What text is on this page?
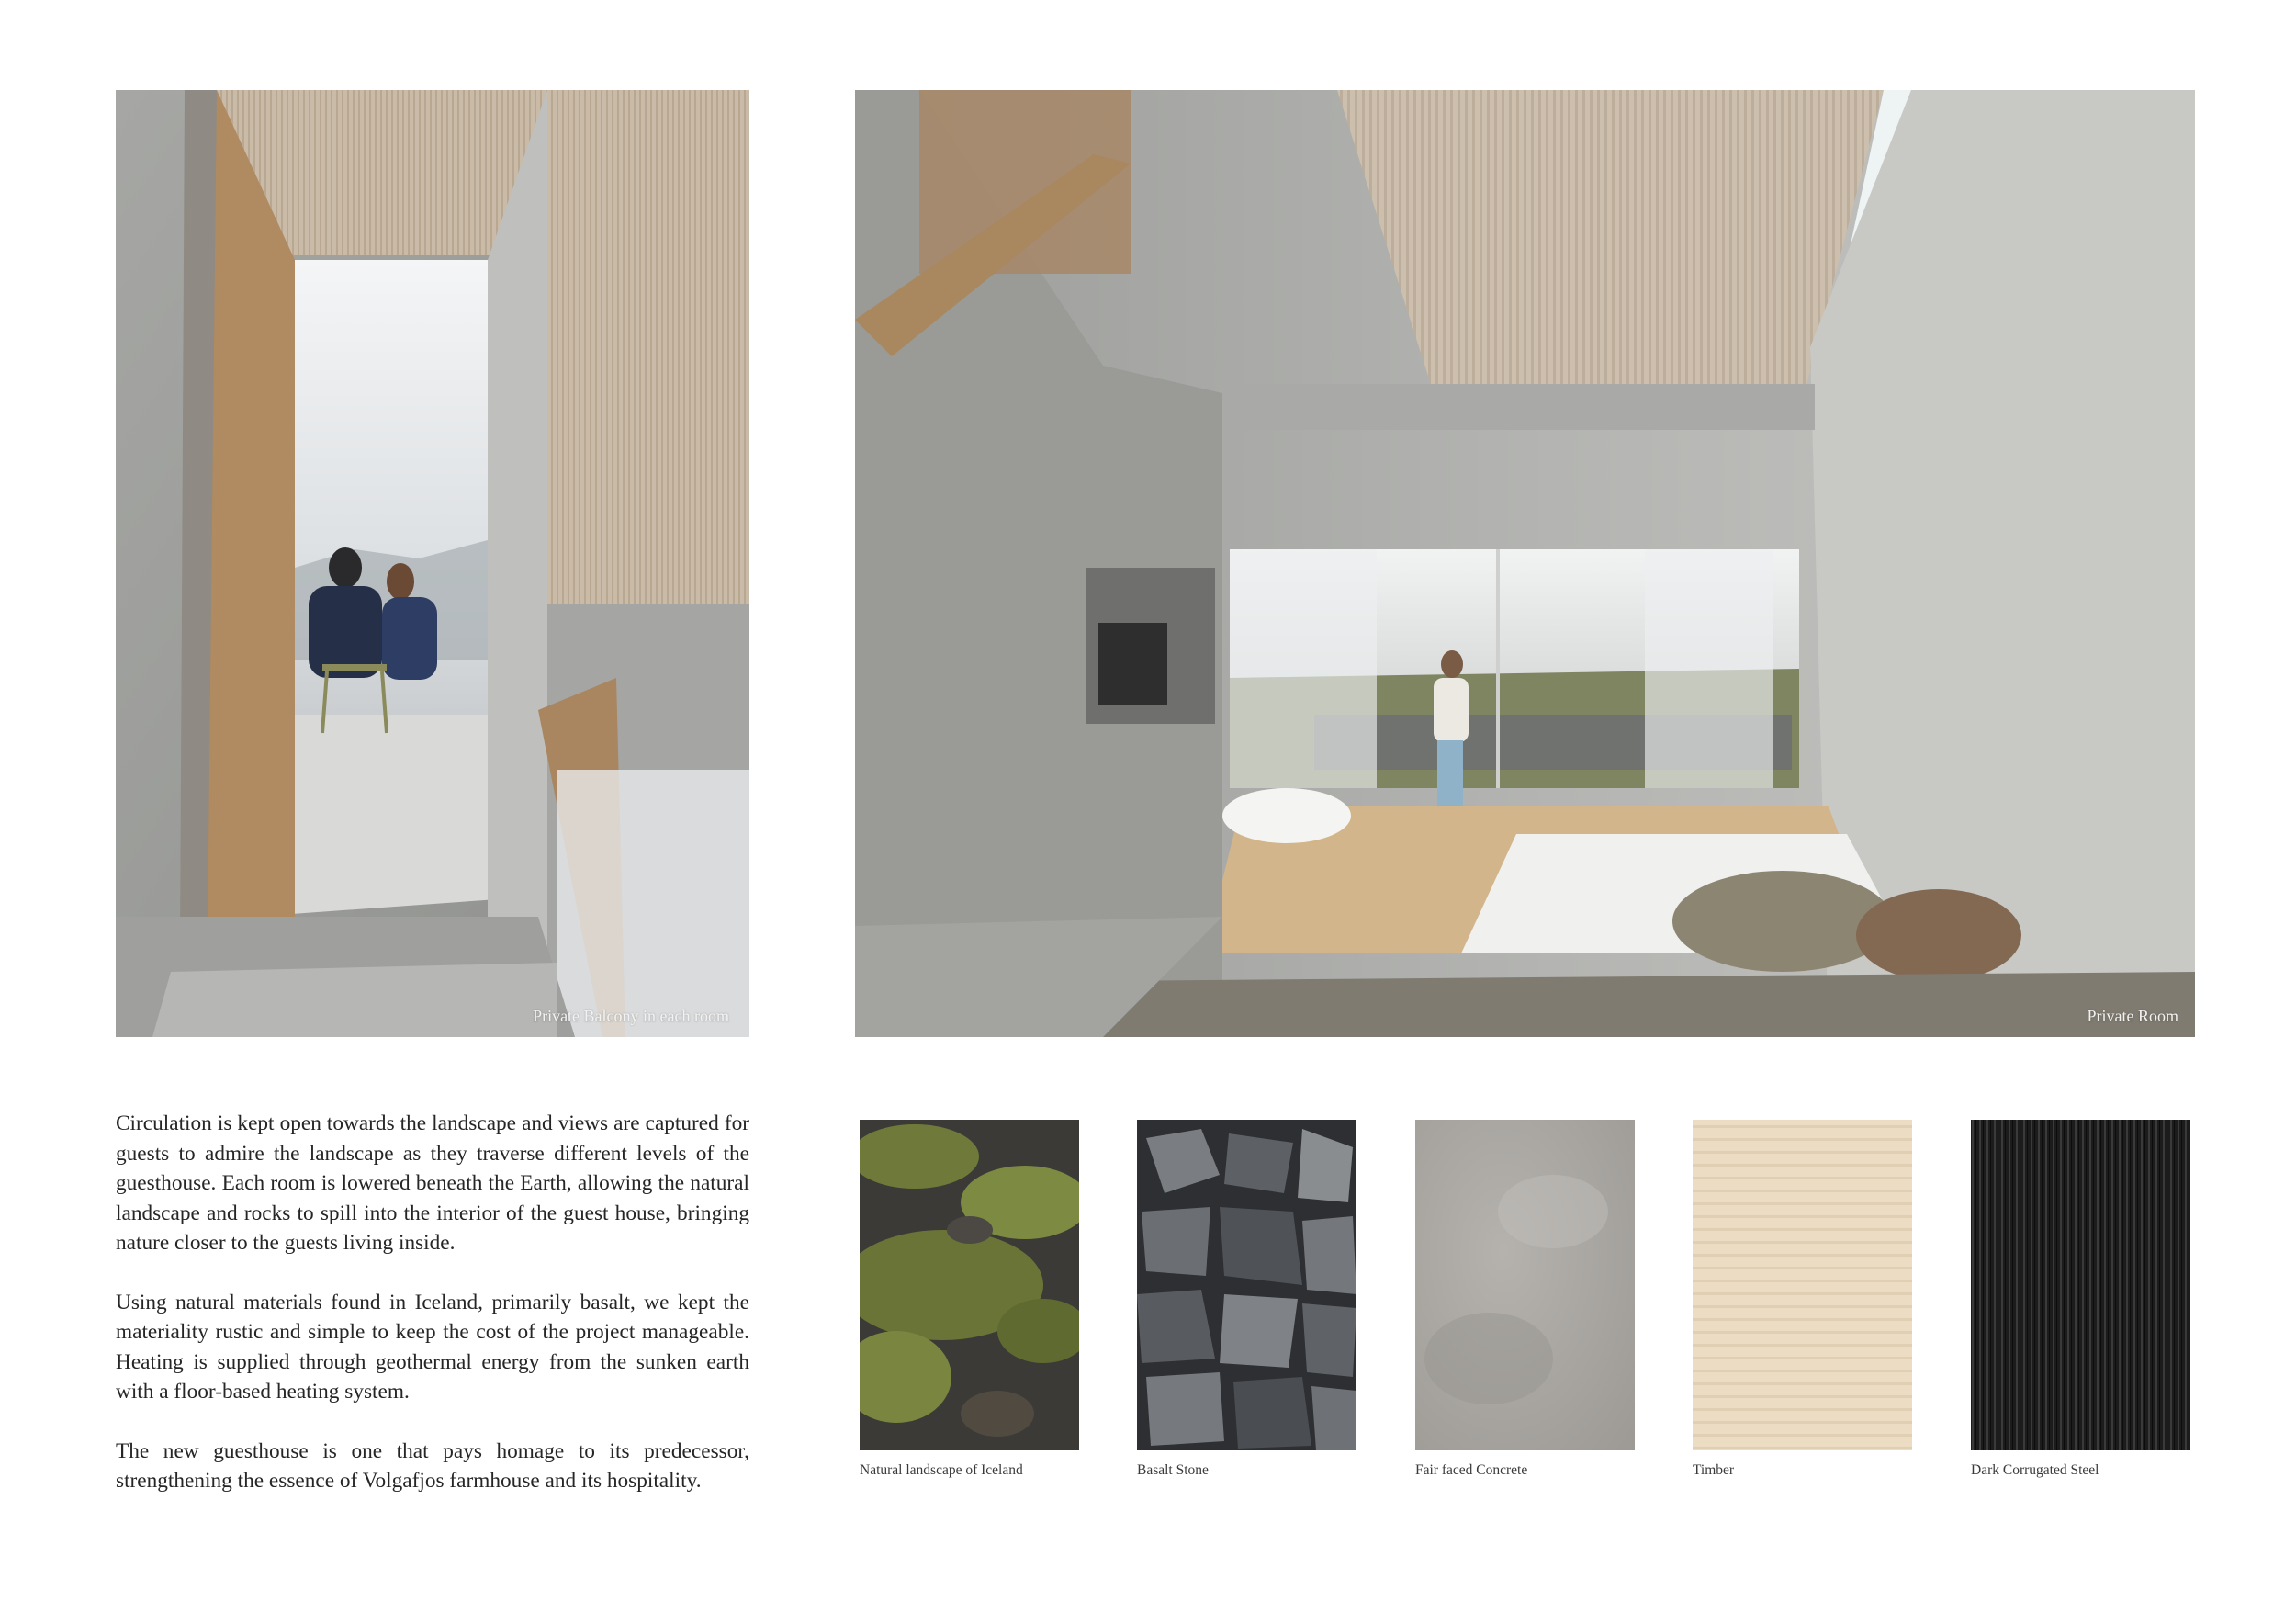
Private Balcony in each room	Private Room

Circulation is kept open towards the landscape and views are captured for guests to admire the landscape as they traverse different levels of the guesthouse. Each room is lowered beneath the Earth, allowing the natural landscape and rocks to spill into the interior of the guest house, bringing nature closer to the guests living inside.

Using natural materials found in Iceland, primarily basalt, we kept the materiality rustic and simple to keep the cost of the project manageable. Heating is supplied through geothermal energy from the sunken earth with a floor-based heating system.

The new guesthouse is one that pays homage to its predecessor, strengthening the essence of Volgafjos farmhouse and its hospitality.	Natural landscape of Iceland	Basalt Stone	Fair faced Concrete	Timber	Dark Corrugated Steel
